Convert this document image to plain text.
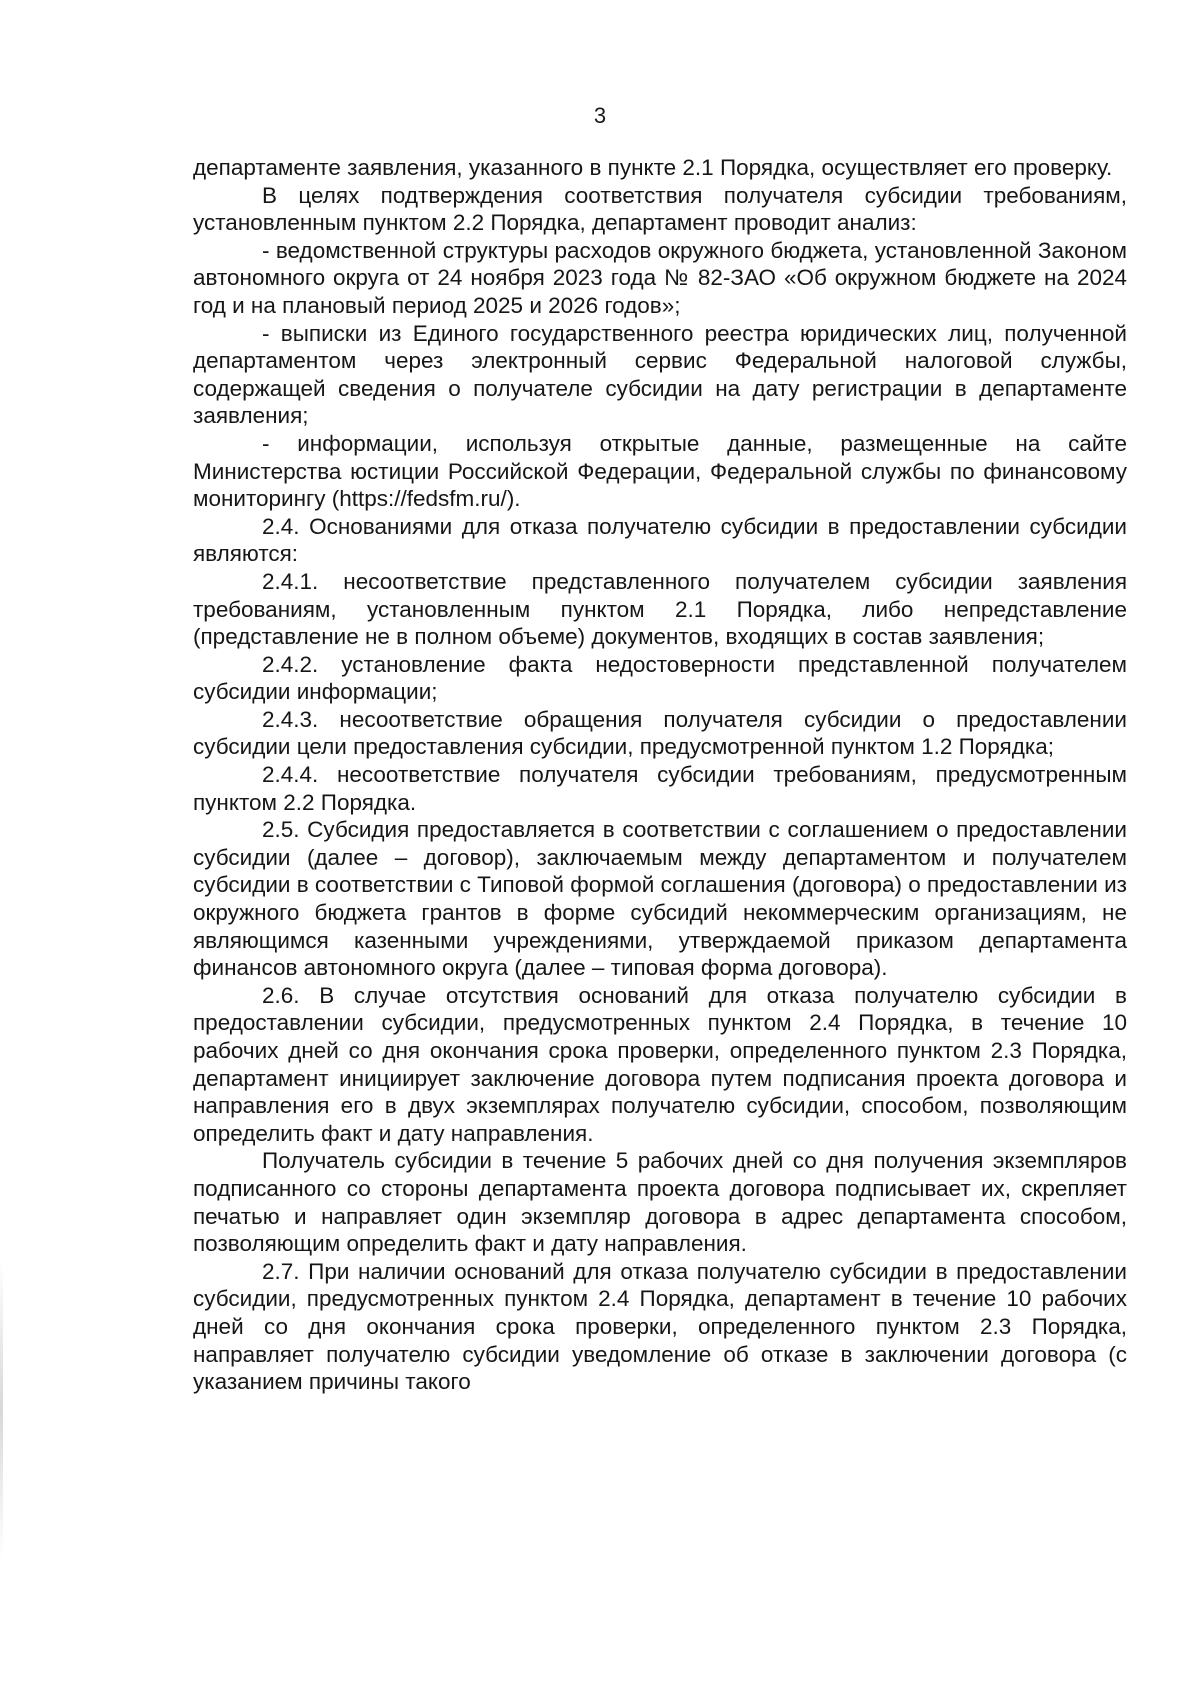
3

департаменте заявления, указанного в пункте 2.1 Порядка, осуществляет его проверку.

В целях подтверждения соответствия получателя субсидии требованиям, установленным пунктом 2.2 Порядка, департамент проводит анализ:

- ведомственной структуры расходов окружного бюджета, установленной Законом автономного округа от 24 ноября 2023 года № 82-ЗАО «Об окружном бюджете на 2024 год и на плановый период 2025 и 2026 годов»;

- выписки из Единого государственного реестра юридических лиц, полученной департаментом через электронный сервис Федеральной налоговой службы, содержащей сведения о получателе субсидии на дату регистрации в департаменте заявления;

- информации, используя открытые данные, размещенные на сайте Министерства юстиции Российской Федерации, Федеральной службы по финансовому мониторингу (https://fedsfm.ru/).

2.4. Основаниями для отказа получателю субсидии в предоставлении субсидии являются:

2.4.1. несоответствие представленного получателем субсидии заявления требованиям, установленным пунктом 2.1 Порядка, либо непредставление (представление не в полном объеме) документов, входящих в состав заявления;

2.4.2. установление факта недостоверности представленной получателем субсидии информации;

2.4.3. несоответствие обращения получателя субсидии о предоставлении субсидии цели предоставления субсидии, предусмотренной пунктом 1.2 Порядка;

2.4.4. несоответствие получателя субсидии требованиям, предусмотренным пунктом 2.2 Порядка.

2.5. Субсидия предоставляется в соответствии с соглашением о предоставлении субсидии (далее – договор), заключаемым между департаментом и получателем субсидии в соответствии с Типовой формой соглашения (договора) о предоставлении из окружного бюджета грантов в форме субсидий некоммерческим организациям, не являющимся казенными учреждениями, утверждаемой приказом департамента финансов автономного округа (далее – типовая форма договора).

2.6. В случае отсутствия оснований для отказа получателю субсидии в предоставлении субсидии, предусмотренных пунктом 2.4 Порядка, в течение 10 рабочих дней со дня окончания срока проверки, определенного пунктом 2.3 Порядка, департамент инициирует заключение договора путем подписания проекта договора и направления его в двух экземплярах получателю субсидии, способом, позволяющим определить факт и дату направления.

Получатель субсидии в течение 5 рабочих дней со дня получения экземпляров подписанного со стороны департамента проекта договора подписывает их, скрепляет печатью и направляет один экземпляр договора в адрес департамента способом, позволяющим определить факт и дату направления.

2.7. При наличии оснований для отказа получателю субсидии в предоставлении субсидии, предусмотренных пунктом 2.4 Порядка, департамент в течение 10 рабочих дней со дня окончания срока проверки, определенного пунктом 2.3 Порядка, направляет получателю субсидии уведомление об отказе в заключении договора (с указанием причины такого
